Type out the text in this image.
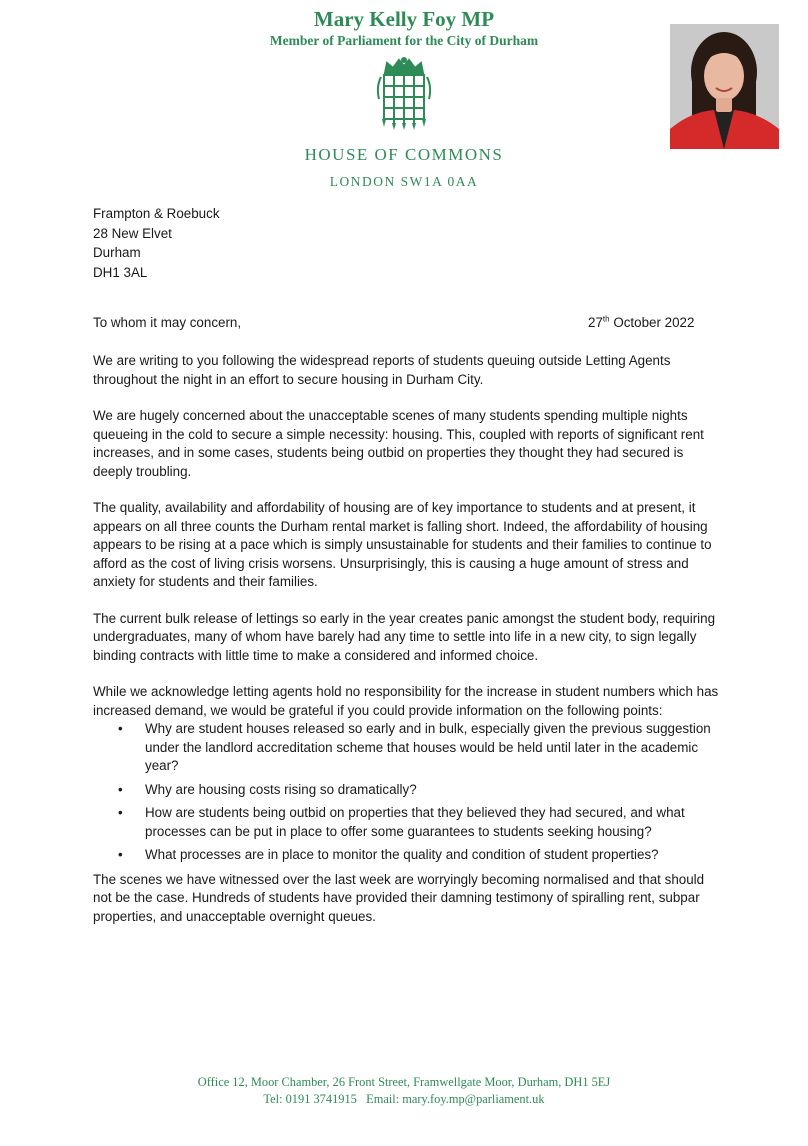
Mary Kelly Foy MP
Member of Parliament for the City of Durham
HOUSE OF COMMONS
LONDON SW1A 0AA
Frampton & Roebuck
28 New Elvet
Durham
DH1 3AL
To whom it may concern,	27th October 2022

We are writing to you following the widespread reports of students queuing outside Letting Agents throughout the night in an effort to secure housing in Durham City.

We are hugely concerned about the unacceptable scenes of many students spending multiple nights queueing in the cold to secure a simple necessity: housing. This, coupled with reports of significant rent increases, and in some cases, students being outbid on properties they thought they had secured is deeply troubling.

The quality, availability and affordability of housing are of key importance to students and at present, it appears on all three counts the Durham rental market is falling short. Indeed, the affordability of housing appears to be rising at a pace which is simply unsustainable for students and their families to continue to afford as the cost of living crisis worsens. Unsurprisingly, this is causing a huge amount of stress and anxiety for students and their families.

The current bulk release of lettings so early in the year creates panic amongst the student body, requiring undergraduates, many of whom have barely had any time to settle into life in a new city, to sign legally binding contracts with little time to make a considered and informed choice.

While we acknowledge letting agents hold no responsibility for the increase in student numbers which has increased demand, we would be grateful if you could provide information on the following points:

• Why are student houses released so early and in bulk, especially given the previous suggestion under the landlord accreditation scheme that houses would be held until later in the academic year?
• Why are housing costs rising so dramatically?
• How are students being outbid on properties that they believed they had secured, and what processes can be put in place to offer some guarantees to students seeking housing?
• What processes are in place to monitor the quality and condition of student properties?

The scenes we have witnessed over the last week are worryingly becoming normalised and that should not be the case. Hundreds of students have provided their damning testimony of spiralling rent, subpar properties, and unacceptable overnight queues.

Office 12, Moor Chamber, 26 Front Street, Framwellgate Moor, Durham, DH1 5EJ
Tel: 0191 3741915   Email: mary.foy.mp@parliament.uk
